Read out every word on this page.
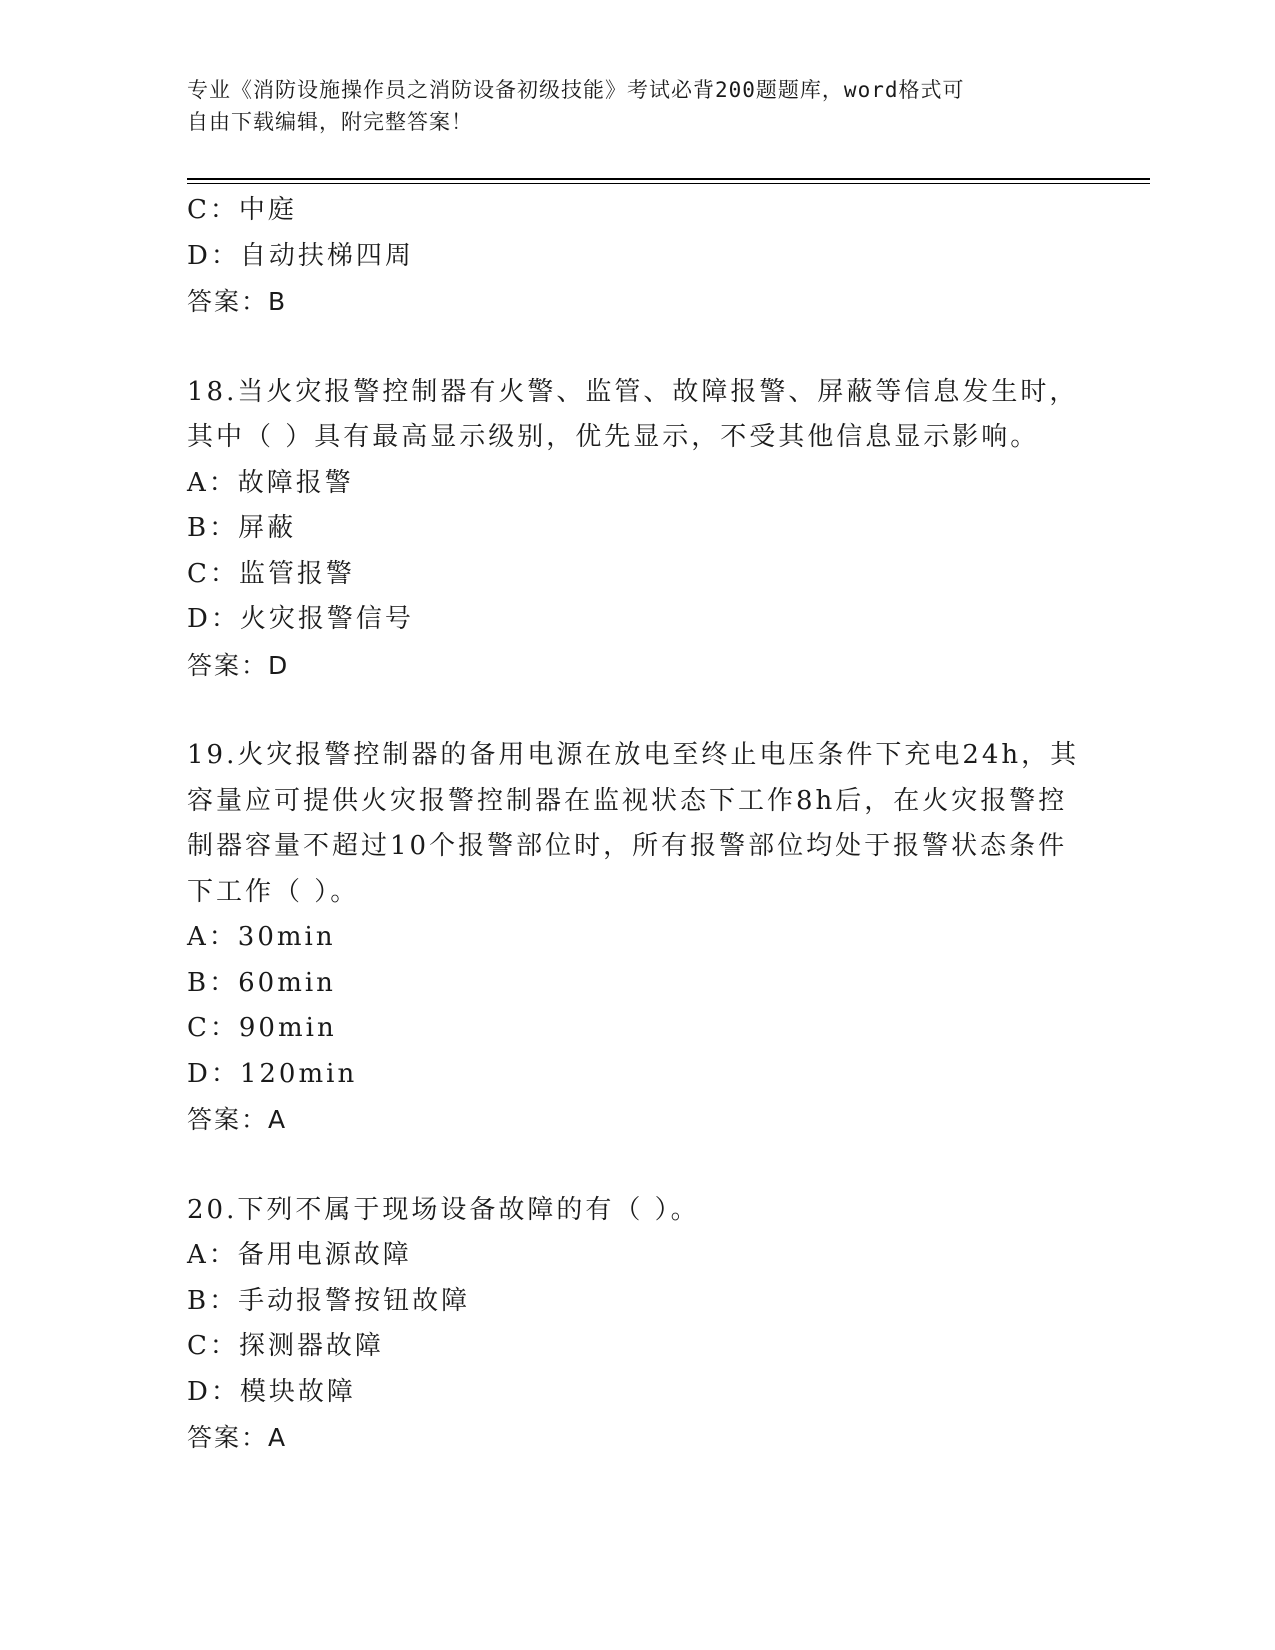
专业《消防设施操作员之消防设备初级技能》考试必背200题题库，word格式可
自由下载编辑，附完整答案！
C：中庭
D：自动扶梯四周
答案：B
18.当火灾报警控制器有火警、监管、故障报警、屏蔽等信息发生时，
其中（ ）具有最高显示级别，优先显示，不受其他信息显示影响。
A：故障报警
B：屏蔽
C：监管报警
D：火灾报警信号
答案：D
19.火灾报警控制器的备用电源在放电至终止电压条件下充电24h，其
容量应可提供火灾报警控制器在监视状态下工作8h后，在火灾报警控
制器容量不超过10个报警部位时，所有报警部位均处于报警状态条件
下工作（ ）。
A：30min
B：60min
C：90min
D：120min
答案：A
20.下列不属于现场设备故障的有（ ）。
A：备用电源故障
B：手动报警按钮故障
C：探测器故障
D：模块故障
答案：A
